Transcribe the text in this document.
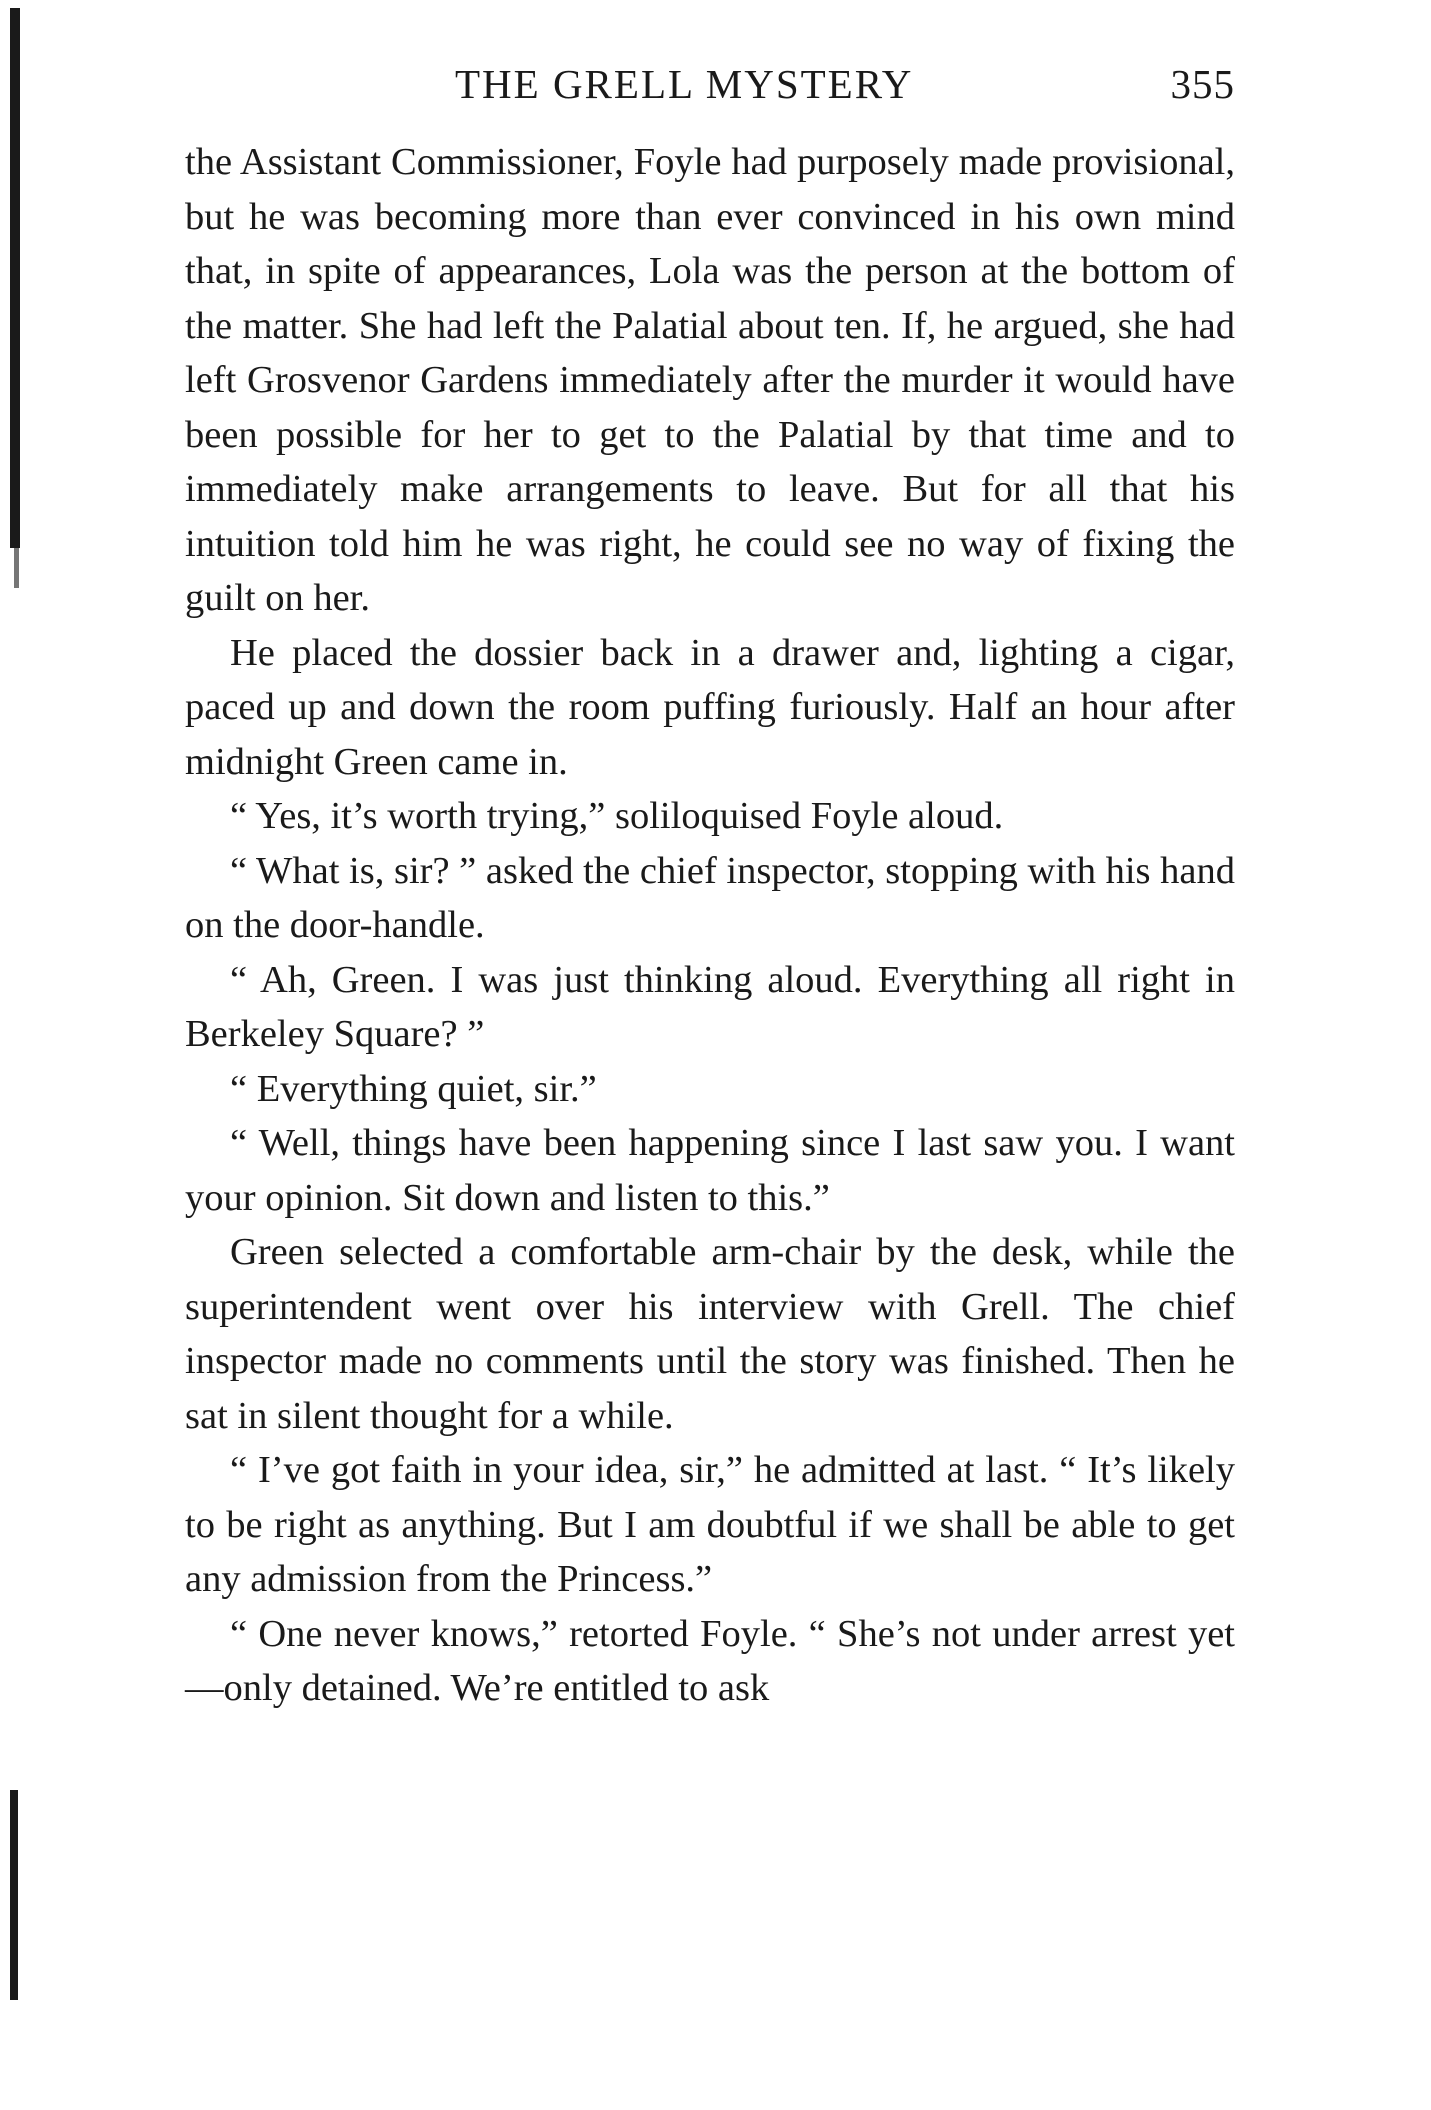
THE GRELL MYSTERY	355

the Assistant Commissioner, Foyle had purposely made provisional, but he was becoming more than ever convinced in his own mind that, in spite of appearances, Lola was the person at the bottom of the matter. She had left the Palatial about ten. If, he argued, she had left Grosvenor Gardens immediately after the murder it would have been possible for her to get to the Palatial by that time and to immediately make arrangements to leave. But for all that his intuition told him he was right, he could see no way of fixing the guilt on her.

He placed the dossier back in a drawer and, lighting a cigar, paced up and down the room puffing furiously. Half an hour after midnight Green came in.

“ Yes, it’s worth trying,” soliloquised Foyle aloud.

“ What is, sir? ” asked the chief inspector, stopping with his hand on the door-handle.

“ Ah, Green. I was just thinking aloud. Everything all right in Berkeley Square? ”

“ Everything quiet, sir.”

“ Well, things have been happening since I last saw you. I want your opinion. Sit down and listen to this.”

Green selected a comfortable arm-chair by the desk, while the superintendent went over his interview with Grell. The chief inspector made no comments until the story was finished. Then he sat in silent thought for a while.

“ I’ve got faith in your idea, sir,” he admitted at last. “ It’s likely to be right as anything. But I am doubtful if we shall be able to get any admission from the Princess.”

“ One never knows,” retorted Foyle. “ She’s not under arrest yet—only detained. We’re entitled to ask
